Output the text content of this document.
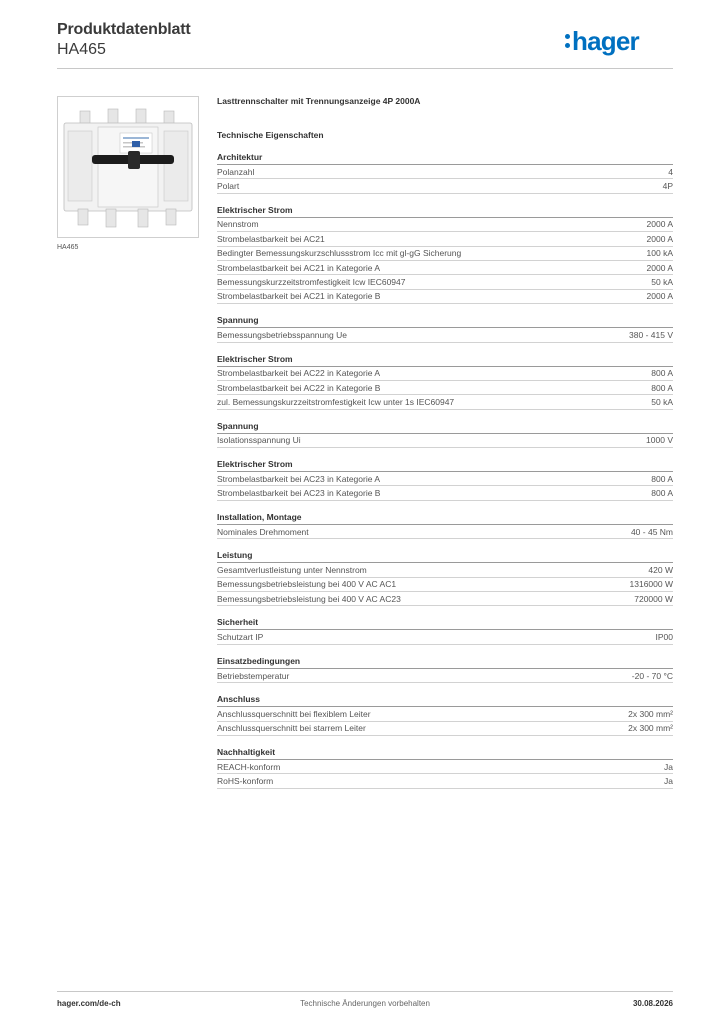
Produktdatenblatt
HA465	hager
HA465
Lasttrennschalter mit Trennungsanzeige 4P 2000A
Technische Eigenschaften
Architektur
Polanzahl	4
Polart	4P
Elektrischer Strom
Nennstrom	2000 A
Strombelastbarkeit bei AC21	2000 A
Bedingter Bemessungskurzschlussstrom Icc mit gl-gG Sicherung	100 kA
Strombelastbarkeit bei AC21 in Kategorie A	2000 A
Bemessungskurzzeitstromfestigkeit Icw IEC60947	50 kA
Strombelastbarkeit bei AC21 in Kategorie B	2000 A
Spannung
Bemessungsbetriebsspannung Ue	380 - 415 V
Elektrischer Strom
Strombelastbarkeit bei AC22 in Kategorie A	800 A
Strombelastbarkeit bei AC22 in Kategorie B	800 A
zul. Bemessungskurzzeitstromfestigkeit Icw unter 1s IEC60947	50 kA
Spannung
Isolationsspannung Ui	1000 V
Elektrischer Strom
Strombelastbarkeit bei AC23 in Kategorie A	800 A
Strombelastbarkeit bei AC23 in Kategorie B	800 A
Installation, Montage
Nominales Drehmoment	40 - 45 Nm
Leistung
Gesamtverlustleistung unter Nennstrom	420 W
Bemessungsbetriebsleistung bei 400 V AC AC1	1316000 W
Bemessungsbetriebsleistung bei 400 V AC AC23	720000 W
Sicherheit
Schutzart IP	IP00
Einsatzbedingungen
Betriebstemperatur	-20 - 70 °C
Anschluss
Anschlussquerschnitt bei flexiblem Leiter	2x 300 mm²
Anschlussquerschnitt bei starrem Leiter	2x 300 mm²
Nachhaltigkeit
REACH-konform	Ja
RoHS-konform	Ja
hager.com/de-ch	Technische Änderungen vorbehalten	30.08.2026
